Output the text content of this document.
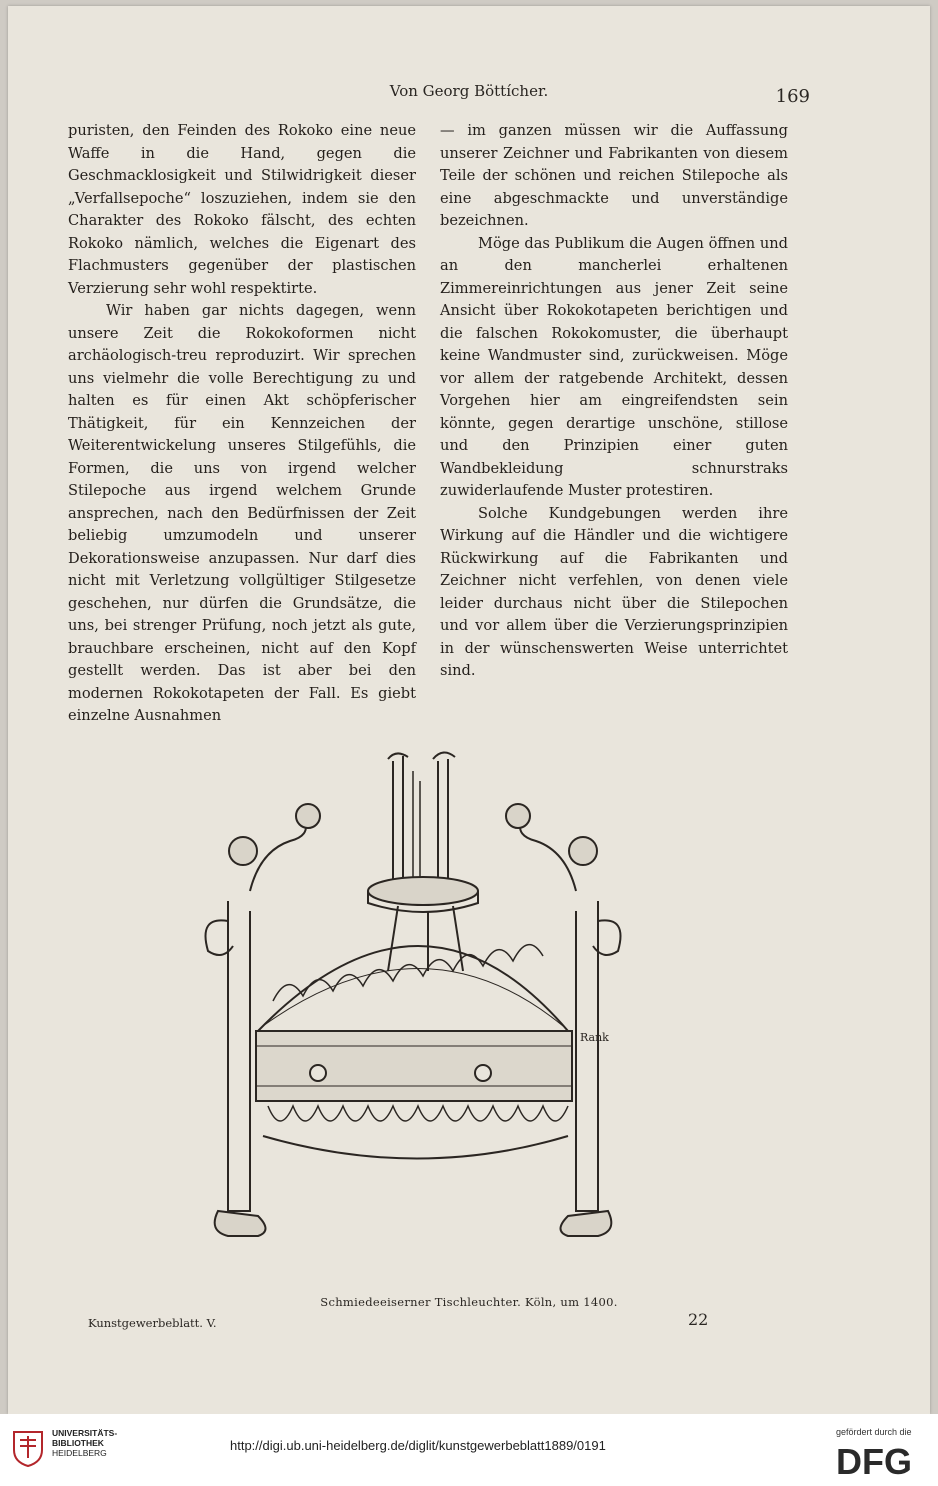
Von Georg Böttícher.	169

puristen, den Feinden des Rokoko eine neue Waffe in die Hand, gegen die Geschmacklosigkeit und Stilwidrigkeit dieser „Verfallsepoche“ loszuziehen, indem sie den Charakter des Rokoko fälscht, des echten Rokoko nämlich, welches die Eigenart des Flachmusters gegenüber der plastischen Verzierung sehr wohl respektirte.

Wir haben gar nichts dagegen, wenn unsere Zeit die Rokokoformen nicht archäologisch-treu reproduzirt. Wir sprechen uns vielmehr die volle Berechtigung zu und halten es für einen Akt schöpferischer Thätigkeit, für ein Kennzeichen der Weiterentwickelung unseres Stilgefühls, die Formen, die uns von irgend welcher Stilepoche aus irgend welchem Grunde ansprechen, nach den Bedürfnissen der Zeit beliebig umzumodeln und unserer Dekorationsweise anzupassen. Nur darf dies nicht mit Verletzung vollgültiger Stilgesetze geschehen, nur dürfen die Grundsätze, die uns, bei strenger Prüfung, noch jetzt als gute, brauchbare erscheinen, nicht auf den Kopf gestellt werden. Das ist aber bei den modernen Rokokotapeten der Fall. Es giebt einzelne Ausnahmen

— im ganzen müssen wir die Auffassung unserer Zeichner und Fabrikanten von diesem Teile der schönen und reichen Stilepoche als eine abgeschmackte und unverständige bezeichnen.

Möge das Publikum die Augen öffnen und an den mancherlei erhaltenen Zimmereinrichtungen aus jener Zeit seine Ansicht über Rokokotapeten berichtigen und die falschen Rokokomuster, die überhaupt keine Wandmuster sind, zurückweisen. Möge vor allem der ratgebende Architekt, dessen Vorgehen hier am eingreifendsten sein könnte, gegen derartige unschöne, stillose und den Prinzipien einer guten Wandbekleidung schnurstraks zuwiderlaufende Muster protestiren.

Solche Kundgebungen werden ihre Wirkung auf die Händler und die wichtigere Rückwirkung auf die Fabrikanten und Zeichner nicht verfehlen, von denen viele leider durchaus nicht über die Stilepochen und vor allem über die Verzierungsprinzipien in der wünschenswerten Weise unterrichtet sind.

Rank
Schmiedeeiserner Tischleuchter. Köln, um 1400.
Kunstgewerbeblatt. V.	22
UNIVERSITÄTS-
BIBLIOTHEK
HEIDELBERG	http://digi.ub.uni-heidelberg.de/diglit/kunstgewerbeblatt1889/0191
gefördert durch die
DFG
